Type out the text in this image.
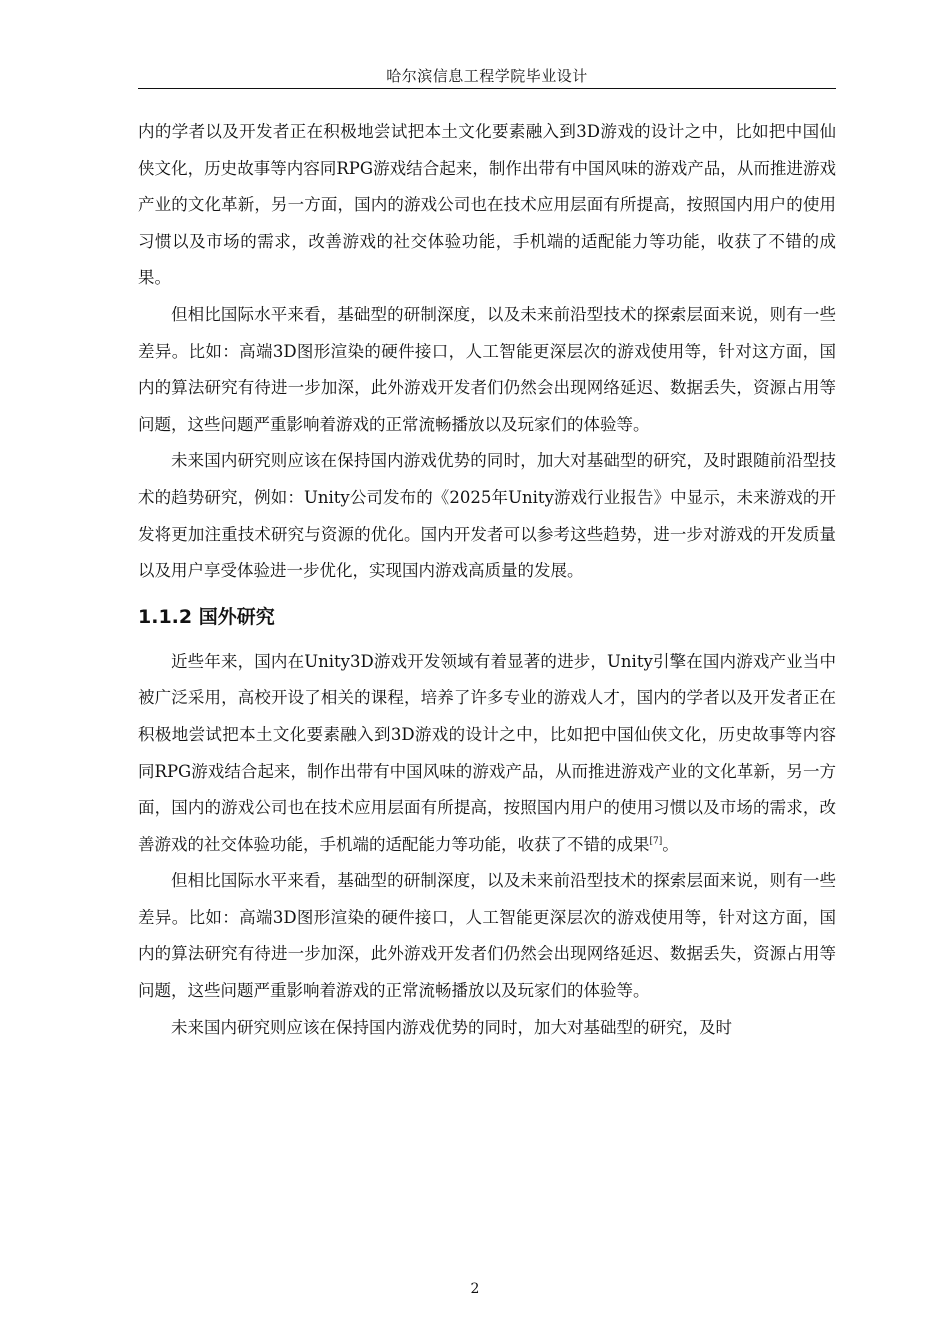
哈尔滨信息工程学院毕业设计

内的学者以及开发者正在积极地尝试把本土文化要素融入到3D游戏的设计之中，比如把中国仙侠文化，历史故事等内容同RPG游戏结合起来，制作出带有中国风味的游戏产品，从而推进游戏产业的文化革新，另一方面，国内的游戏公司也在技术应用层面有所提高，按照国内用户的使用习惯以及市场的需求，改善游戏的社交体验功能，手机端的适配能力等功能，收获了不错的成果。

但相比国际水平来看，基础型的研制深度，以及未来前沿型技术的探索层面来说，则有一些差异。比如：高端3D图形渲染的硬件接口，人工智能更深层次的游戏使用等，针对这方面，国内的算法研究有待进一步加深，此外游戏开发者们仍然会出现网络延迟、数据丢失，资源占用等问题，这些问题严重影响着游戏的正常流畅播放以及玩家们的体验等。

未来国内研究则应该在保持国内游戏优势的同时，加大对基础型的研究，及时跟随前沿型技术的趋势研究，例如：Unity公司发布的《2025年Unity游戏行业报告》中显示，未来游戏的开发将更加注重技术研究与资源的优化。国内开发者可以参考这些趋势，进一步对游戏的开发质量以及用户享受体验进一步优化，实现国内游戏高质量的发展。

1.1.2 国外研究

近些年来，国内在Unity3D游戏开发领域有着显著的进步，Unity引擎在国内游戏产业当中被广泛采用，高校开设了相关的课程，培养了许多专业的游戏人才，国内的学者以及开发者正在积极地尝试把本土文化要素融入到3D游戏的设计之中，比如把中国仙侠文化，历史故事等内容同RPG游戏结合起来，制作出带有中国风味的游戏产品，从而推进游戏产业的文化革新，另一方面，国内的游戏公司也在技术应用层面有所提高，按照国内用户的使用习惯以及市场的需求，改善游戏的社交体验功能，手机端的适配能力等功能，收获了不错的成果[7]。

但相比国际水平来看，基础型的研制深度，以及未来前沿型技术的探索层面来说，则有一些差异。比如：高端3D图形渲染的硬件接口，人工智能更深层次的游戏使用等，针对这方面，国内的算法研究有待进一步加深，此外游戏开发者们仍然会出现网络延迟、数据丢失，资源占用等问题，这些问题严重影响着游戏的正常流畅播放以及玩家们的体验等。

未来国内研究则应该在保持国内游戏优势的同时，加大对基础型的研究，及时

2
